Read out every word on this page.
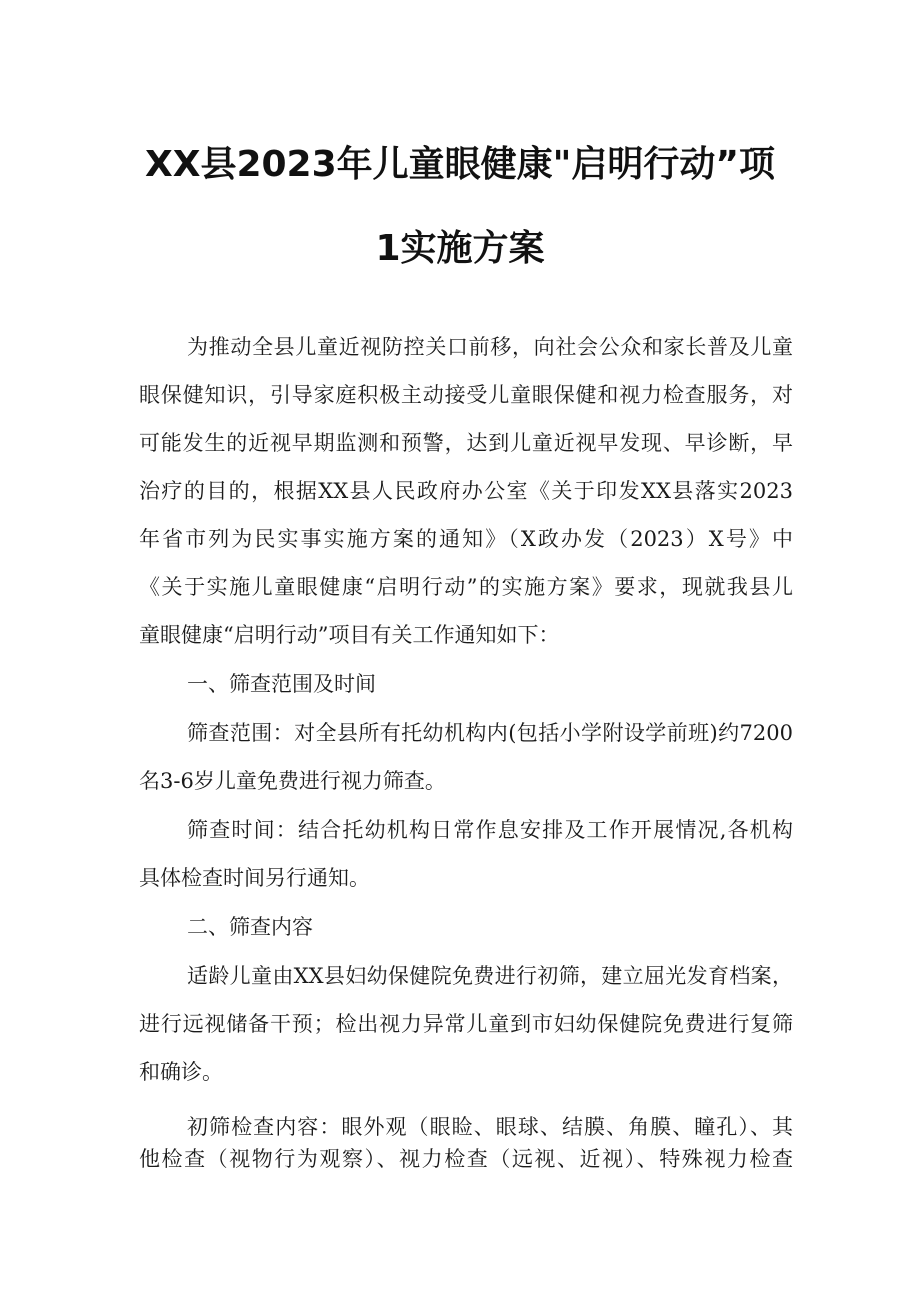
XX县2023年儿童眼健康"启明行动”项
1实施方案
为推动全县儿童近视防控关口前移，向社会公众和家长普及儿童
眼保健知识，引导家庭积极主动接受儿童眼保健和视力检查服务，对
可能发生的近视早期监测和预警，达到儿童近视早发现、早诊断，早
治疗的目的，根据XX县人民政府办公室《关于印发XX县落实2023
年省市列为民实事实施方案的通知》（X政办发（2023）X号》中
《关于实施儿童眼健康“启明行动”的实施方案》要求，现就我县儿
童眼健康“启明行动”项目有关工作通知如下：
一、筛查范围及时间
筛查范围：对全县所有托幼机构内(包括小学附设学前班)约7200
名3-6岁儿童免费进行视力筛查。
筛查时间：结合托幼机构日常作息安排及工作开展情况,各机构
具体检查时间另行通知。
二、筛查内容
适龄儿童由XX县妇幼保健院免费进行初筛，建立屈光发育档案，
进行远视储备干预；检出视力异常儿童到市妇幼保健院免费进行复筛
和确诊。
初筛检查内容：眼外观（眼睑、眼球、结膜、角膜、瞳孔）、其
他检查（视物行为观察）、视力检查（远视、近视）、特殊视力检查
